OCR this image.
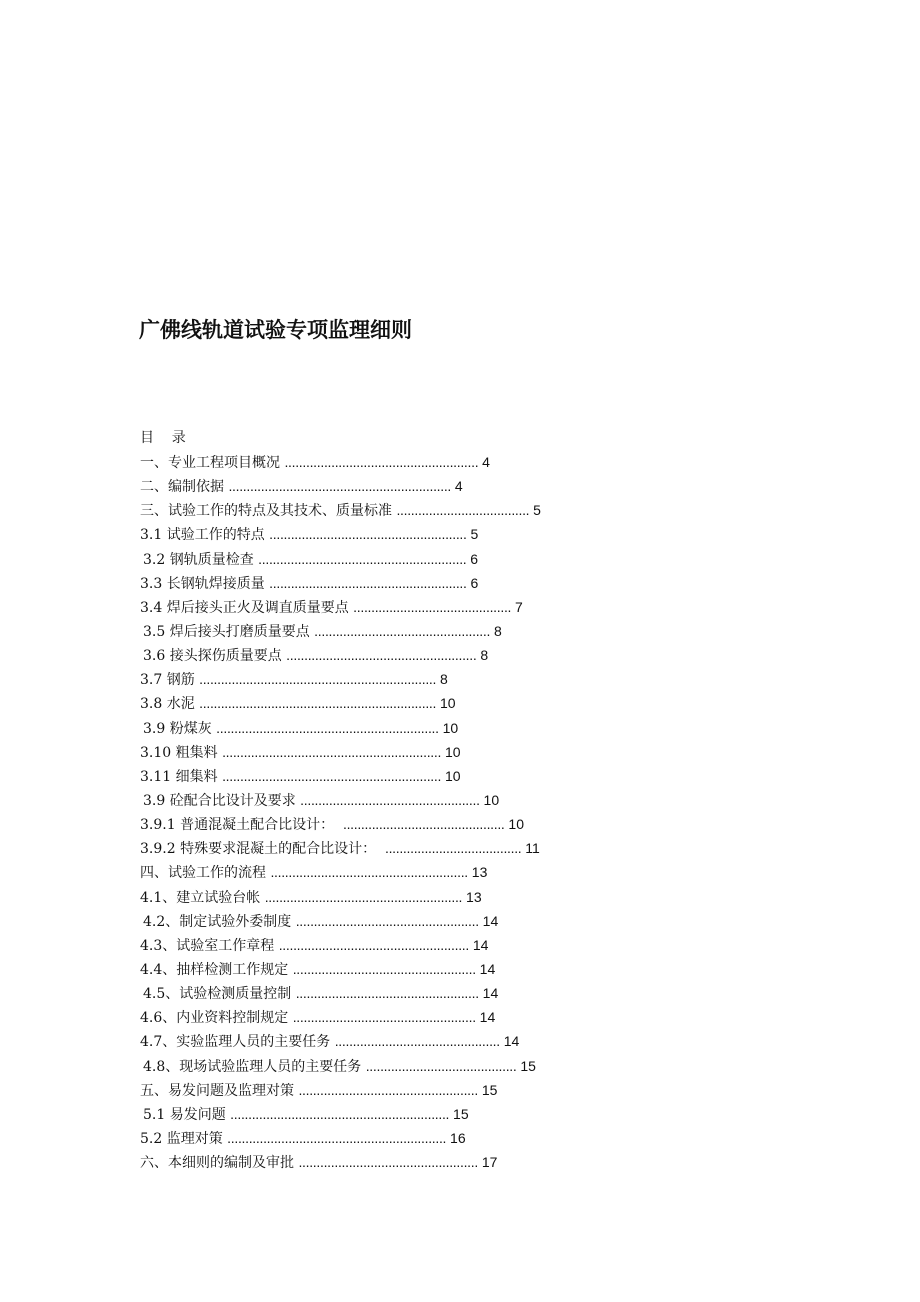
广佛线轨道试验专项监理细则
目    录
一、专业工程项目概况 ...................................................... 4
二、编制依据 .............................................................. 4
三、试验工作的特点及其技术、质量标准 ..................................... 5
3.1 试验工作的特点 ....................................................... 5
3.2 钢轨质量检查 .......................................................... 6
3.3 长钢轨焊接质量 ....................................................... 6
3.4 焊后接头正火及调直质量要点 ............................................ 7
3.5 焊后接头打磨质量要点 ................................................. 8
3.6 接头探伤质量要点 ..................................................... 8
3.7 钢筋 .................................................................. 8
3.8 水泥 .................................................................. 10
3.9 粉煤灰 .............................................................. 10
3.10 粗集料 ............................................................. 10
3.11 细集料 ............................................................. 10
3.9 砼配合比设计及要求 .................................................. 10
3.9.1 普通混凝土配合比设计：  ............................................. 10
3.9.2 特殊要求混凝土的配合比设计：  ...................................... 11
四、试验工作的流程 ....................................................... 13
4.1、建立试验台帐 ....................................................... 13
4.2、制定试验外委制度 ................................................... 14
4.3、试验室工作章程 ..................................................... 14
4.4、抽样检测工作规定 ................................................... 14
4.5、试验检测质量控制 ................................................... 14
4.6、内业资料控制规定 ................................................... 14
4.7、实验监理人员的主要任务 .............................................. 14
4.8、现场试验监理人员的主要任务 .......................................... 15
五、易发问题及监理对策 .................................................. 15
5.1 易发问题 ............................................................. 15
5.2 监理对策 ............................................................. 16
六、本细则的编制及审批 .................................................. 17
